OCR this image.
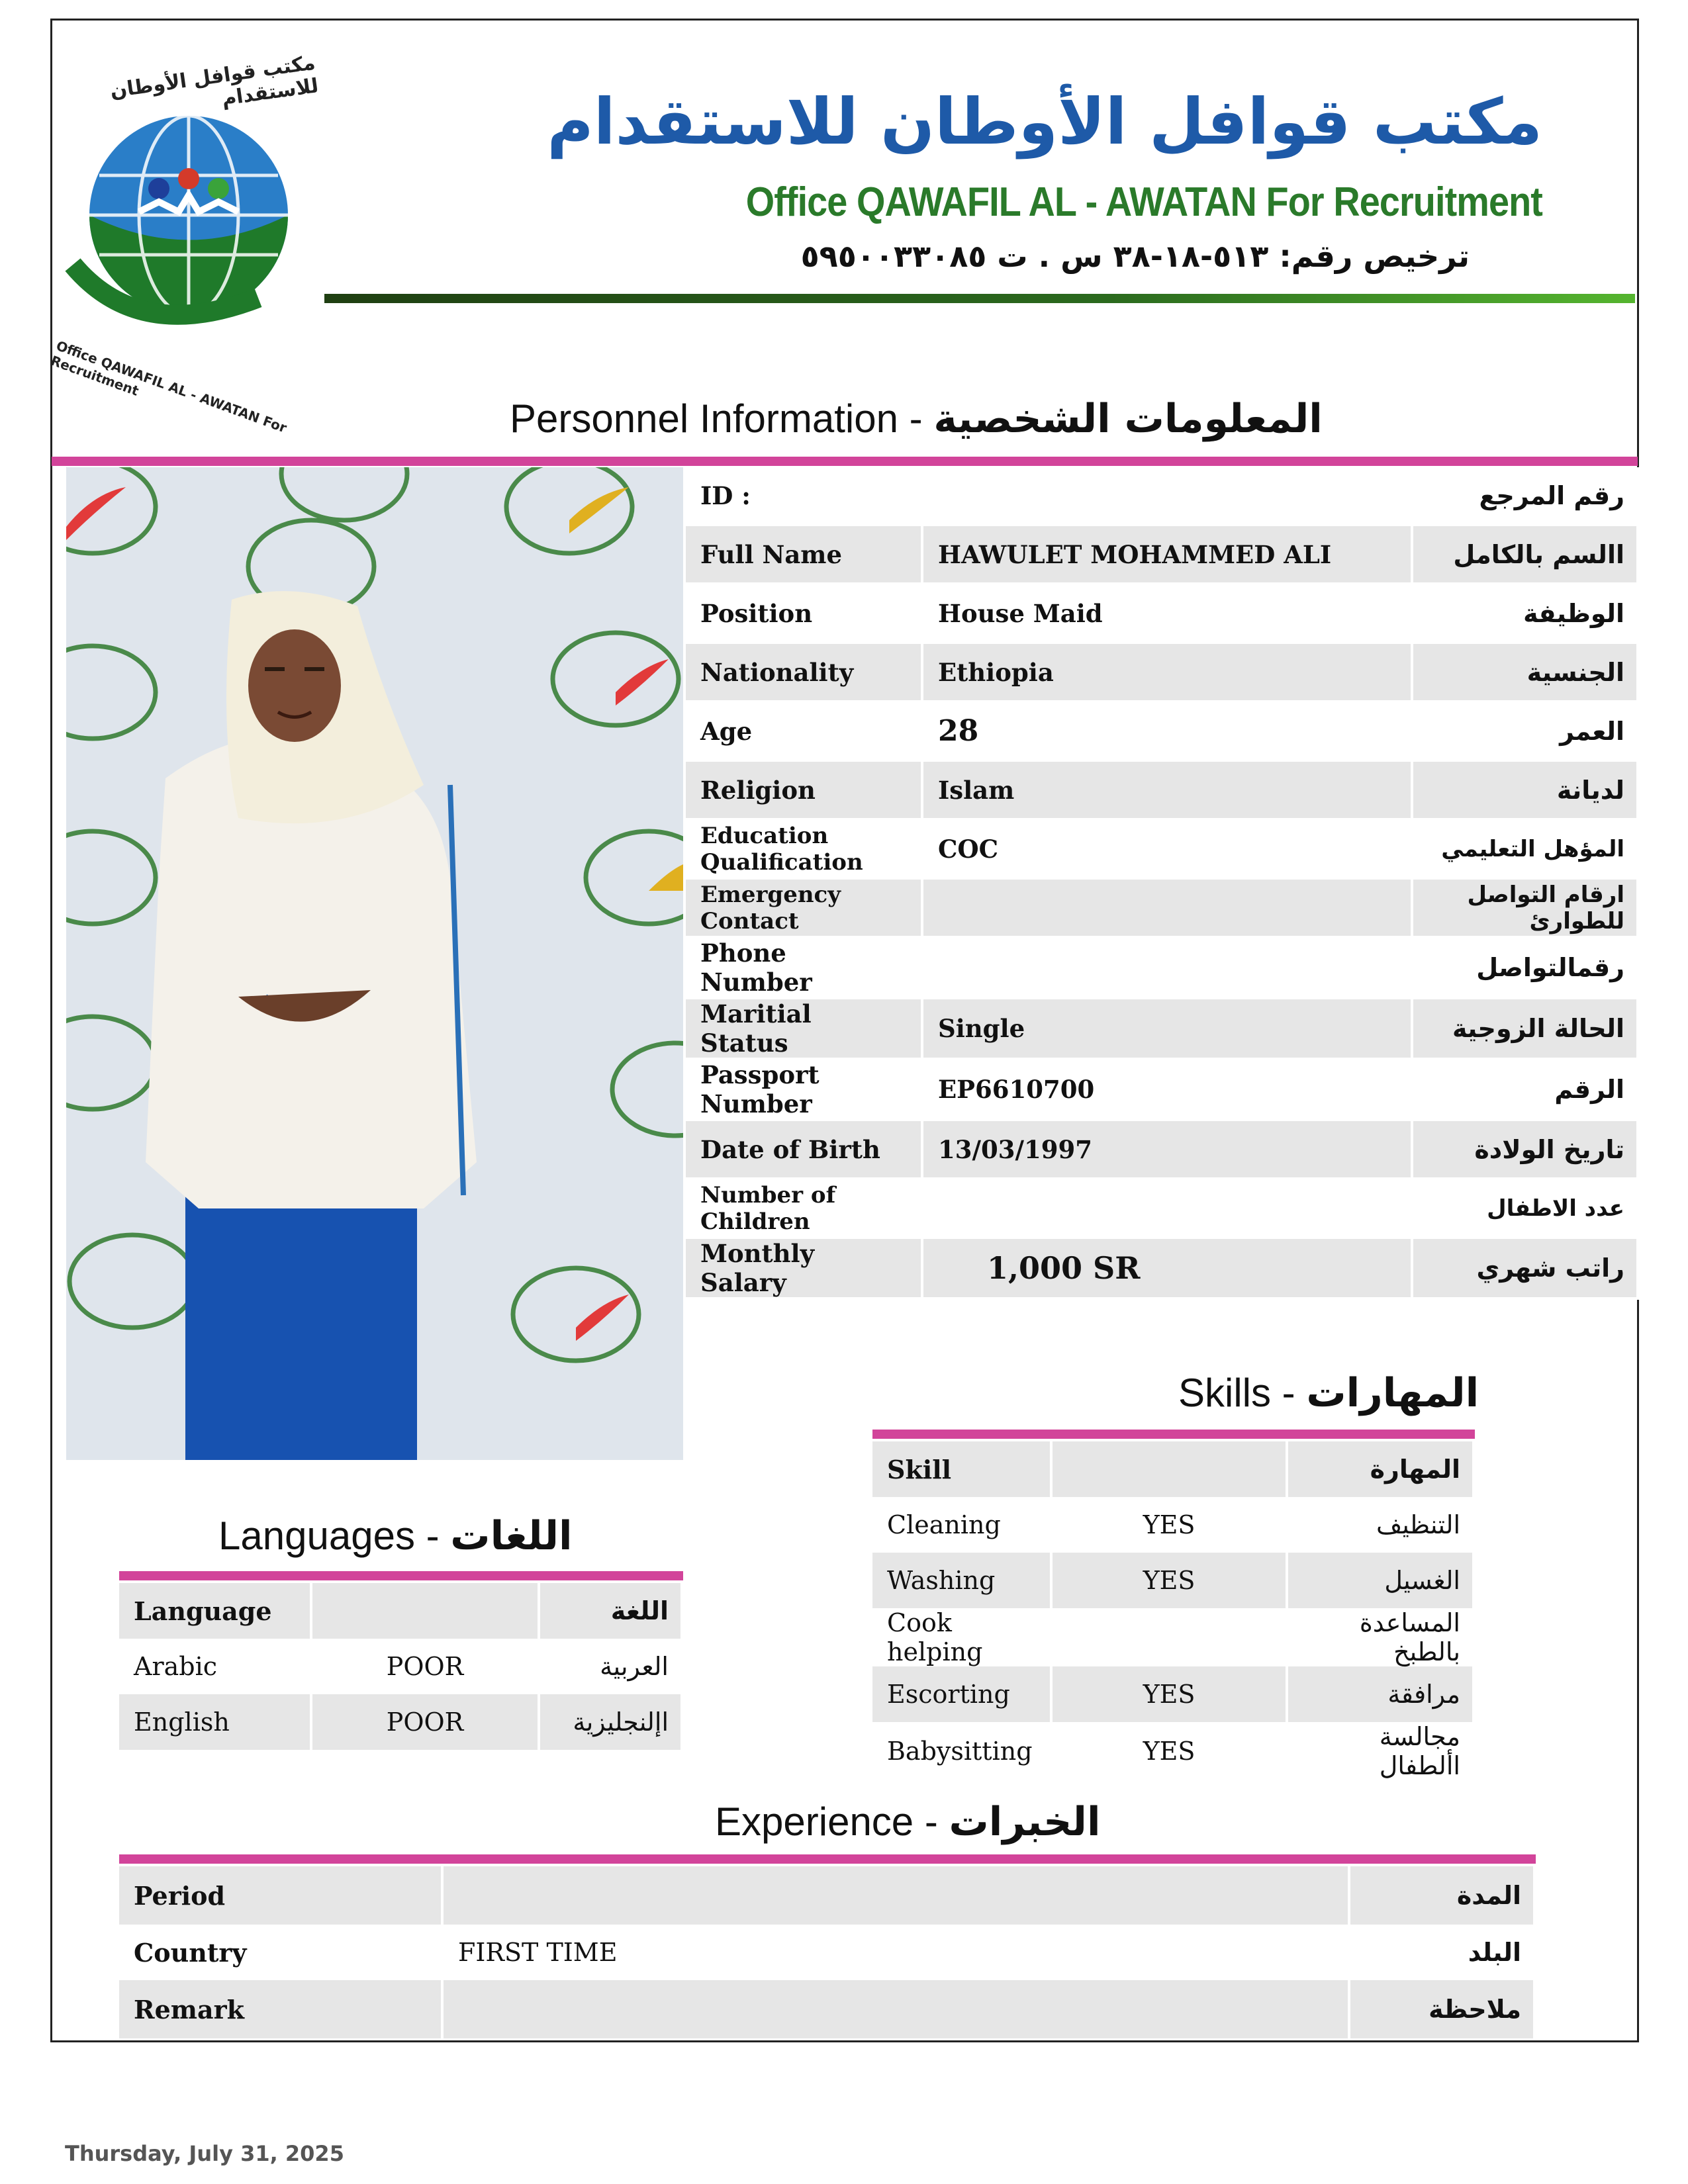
مكتب قوافل الأوطان للاستقدام
Office QAWAFIL AL - AWATAN For Recruitment
مكتب قوافل الأوطان للاستقدام
Office QAWAFIL AL - AWATAN For Recruitment
ترخيص رقم: ٥١٣-١٨-٣٨ س . ت ٥٩٥٠٠٣٣٠٨٥
Personnel Information - المعلومات الشخصية
ID :		رقم المرجع
Full Name	HAWULET MOHAMMED ALI	االسم بالكامل
Position	House Maid	الوظيفة
Nationality	Ethiopia	الجنسية
Age	28	العمر
Religion	Islam	لديانة
Education Qualification	COC	المؤهل التعليمي
Emergency Contact		ارقام التواصل للطوارئ
Phone Number		رقمالتواصل
Maritial Status	Single	الحالة الزوجية
Passport Number	EP6610700	الرقم
Date of Birth	13/03/1997	تاريخ الولادة
Number of Children		عدد الاطفال
Monthly Salary	1,000 SR	راتب شهري
Skills - المهارات
Skill		المهارة
Cleaning	YES	التنظيف
Washing	YES	الغسيل
Cook helping		المساعدة بالطبخ
Escorting	YES	مرافقة
Babysitting	YES	مجالسة األطفال
Languages - اللغات
Language		اللغة
Arabic	POOR	العربية
English	POOR	اإلنجليزية
Experience - الخبرات
Period		المدة
Country	FIRST TIME	البلد
Remark		ملاحظة
Thursday, July 31, 2025
